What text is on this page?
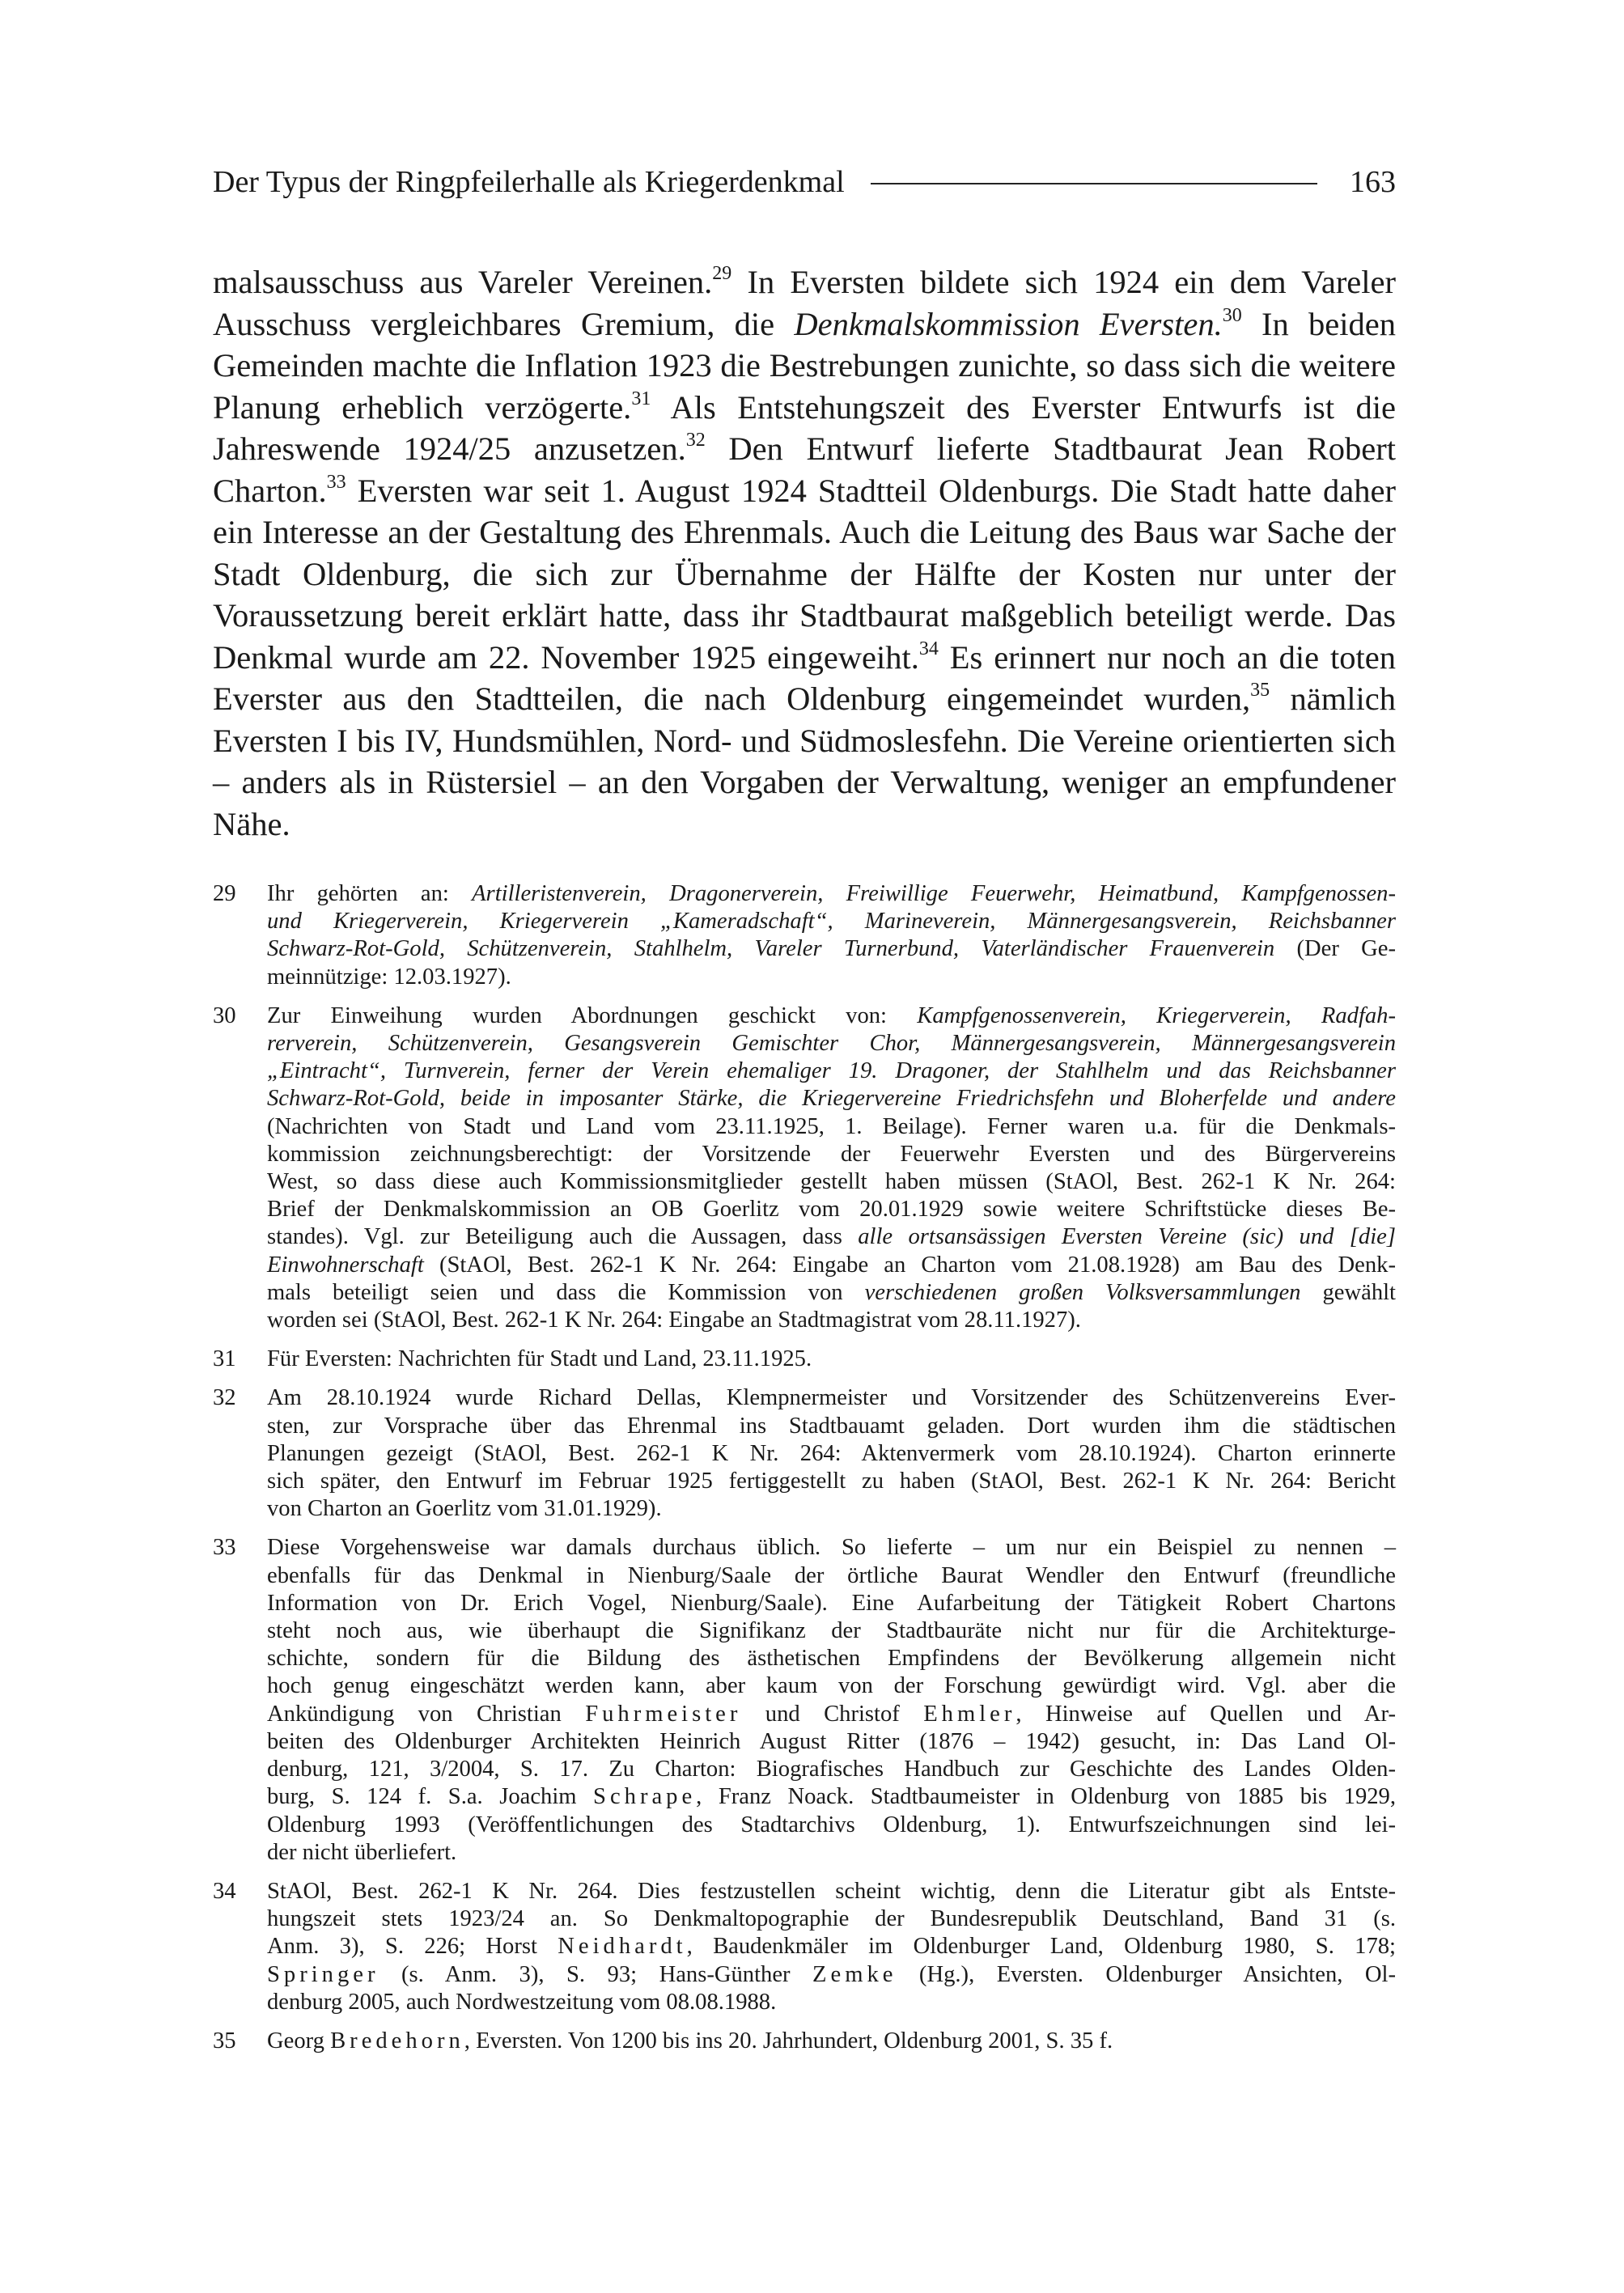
Der Typus der Ringpfeilerhalle als Kriegerdenkmal	163
malsausschuss aus Vareler Vereinen.$^{29}$ In Eversten bildete sich 1924 ein dem Vareler Ausschuss vergleichbares Gremium, die Denkmalskommission Eversten.$^{30}$ In beiden Gemeinden machte die Inflation 1923 die Bestrebungen zunichte, so dass sich die weitere Planung erheblich verzögerte.$^{31}$ Als Entstehungszeit des Everster Entwurfs ist die Jahreswende 1924/25 anzusetzen.$^{32}$ Den Entwurf lieferte Stadtbaurat Jean Robert Charton.$^{33}$ Eversten war seit 1. August 1924 Stadtteil Oldenburgs. Die Stadt hatte daher ein Interesse an der Gestaltung des Ehrenmals. Auch die Leitung des Baus war Sache der Stadt Oldenburg, die sich zur Übernahme der Hälfte der Kosten nur unter der Voraussetzung bereit erklärt hatte, dass ihr Stadtbaurat maßgeblich beteiligt werde. Das Denkmal wurde am 22. November 1925 eingeweiht.$^{34}$ Es erinnert nur noch an die toten Everster aus den Stadtteilen, die nach Oldenburg eingemeindet wurden,$^{35}$ nämlich Eversten I bis IV, Hundsmühlen, Nord- und Südmoslesfehn. Die Vereine orientierten sich – anders als in Rüstersiel – an den Vorgaben der Verwaltung, weniger an empfundener Nähe.
29	Ihr gehörten an: Artilleristenverein, Dragonerverein, Freiwillige Feuerwehr, Heimatbund, Kampfgenossen-
und Kriegerverein, Kriegerverein „Kameradschaft“, Marineverein, Männergesangsverein, Reichsbanner
Schwarz-Rot-Gold, Schützenverein, Stahlhelm, Vareler Turnerbund, Vaterländischer Frauenverein (Der Ge-
meinnützige: 12.03.1927).
30	Zur Einweihung wurden Abordnungen geschickt von: Kampfgenossenverein, Kriegerverein, Radfah-
rerverein, Schützenverein, Gesangsverein Gemischter Chor, Männergesangsverein, Männergesangsverein
„Eintracht“, Turnverein, ferner der Verein ehemaliger 19. Dragoner, der Stahlhelm und das Reichsbanner
Schwarz-Rot-Gold, beide in imposanter Stärke, die Kriegervereine Friedrichsfehn und Bloherfelde und andere
(Nachrichten von Stadt und Land vom 23.11.1925, 1. Beilage). Ferner waren u.a. für die Denkmals-
kommission zeichnungsberechtigt: der Vorsitzende der Feuerwehr Eversten und des Bürgervereins
West, so dass diese auch Kommissionsmitglieder gestellt haben müssen (StAOl, Best. 262-1 K Nr. 264:
Brief der Denkmalskommission an OB Goerlitz vom 20.01.1929 sowie weitere Schriftstücke dieses Be-
standes). Vgl. zur Beteiligung auch die Aussagen, dass alle ortsansässigen Eversten Vereine (sic) und [die]
Einwohnerschaft (StAOl, Best. 262-1 K Nr. 264: Eingabe an Charton vom 21.08.1928) am Bau des Denk-
mals beteiligt seien und dass die Kommission von verschiedenen großen Volksversammlungen gewählt
worden sei (StAOl, Best. 262-1 K Nr. 264: Eingabe an Stadtmagistrat vom 28.11.1927).
31	Für Eversten: Nachrichten für Stadt und Land, 23.11.1925.
32	Am 28.10.1924 wurde Richard Dellas, Klempnermeister und Vorsitzender des Schützenvereins Ever-
sten, zur Vorsprache über das Ehrenmal ins Stadtbauamt geladen. Dort wurden ihm die städtischen
Planungen gezeigt (StAOl, Best. 262-1 K Nr. 264: Aktenvermerk vom 28.10.1924). Charton erinnerte
sich später, den Entwurf im Februar 1925 fertiggestellt zu haben (StAOl, Best. 262-1 K Nr. 264: Bericht
von Charton an Goerlitz vom 31.01.1929).
33	Diese Vorgehensweise war damals durchaus üblich. So lieferte – um nur ein Beispiel zu nennen –
ebenfalls für das Denkmal in Nienburg/Saale der örtliche Baurat Wendler den Entwurf (freundliche
Information von Dr. Erich Vogel, Nienburg/Saale). Eine Aufarbeitung der Tätigkeit Robert Chartons
steht noch aus, wie überhaupt die Signifikanz der Stadtbauräte nicht nur für die Architekturge-
schichte, sondern für die Bildung des ästhetischen Empfindens der Bevölkerung allgemein nicht
hoch genug eingeschätzt werden kann, aber kaum von der Forschung gewürdigt wird. Vgl. aber die
Ankündigung von Christian Fuhrmeister und Christof Ehmler, Hinweise auf Quellen und Ar-
beiten des Oldenburger Architekten Heinrich August Ritter (1876 – 1942) gesucht, in: Das Land Ol-
denburg, 121, 3/2004, S. 17. Zu Charton: Biografisches Handbuch zur Geschichte des Landes Olden-
burg, S. 124 f. S.a. Joachim Schrape, Franz Noack. Stadtbaumeister in Oldenburg von 1885 bis 1929,
Oldenburg 1993 (Veröffentlichungen des Stadtarchivs Oldenburg, 1). Entwurfszeichnungen sind lei-
der nicht überliefert.
34	StAOl, Best. 262-1 K Nr. 264. Dies festzustellen scheint wichtig, denn die Literatur gibt als Entste-
hungszeit stets 1923/24 an. So Denkmaltopographie der Bundesrepublik Deutschland, Band 31 (s.
Anm. 3), S. 226; Horst Neidhardt, Baudenkmäler im Oldenburger Land, Oldenburg 1980, S. 178;
Springer (s. Anm. 3), S. 93; Hans-Günther Zemke (Hg.), Eversten. Oldenburger Ansichten, Ol-
denburg 2005, auch Nordwestzeitung vom 08.08.1988.
35	Georg Bredehorn, Eversten. Von 1200 bis ins 20. Jahrhundert, Oldenburg 2001, S. 35 f.
